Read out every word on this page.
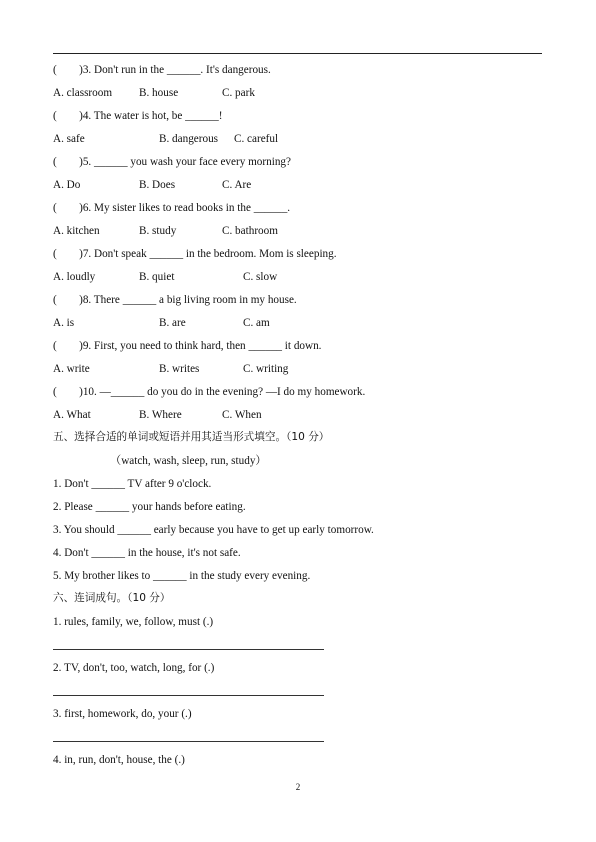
(        )3. Don't run in the ______. It's dangerous.
A. classroom B. house	C. park
(        )4. The water is hot, be ______!
A. safe	B. dangerous C. careful
(        )5. ______ you wash your face every morning?
A. Do	B. Does	C. Are
(        )6. My sister likes to read books in the ______.
A. kitchen	B. study	C. bathroom
(        )7. Don't speak ______ in the bedroom. Mom is sleeping.
A. loudly	B. quiet	C. slow
(        )8. There ______ a big living room in my house.
A. is	B. are	C. am
(        )9. First, you need to think hard, then ______ it down.
A. write	B. writes	C. writing
(        )10. —______ do you do in the evening? —I do my homework.
A. What	B. Where	C. When
五、选择合适的单词或短语并用其适当形式填空。（10 分）
（watch, wash, sleep, run, study）
1. Don't ______ TV after 9 o'clock.
2. Please ______ your hands before eating.
3. You should ______ early because you have to get up early tomorrow.
4. Don't ______ in the house, it's not safe.
5. My brother likes to ______ in the study every evening.
六、连词成句。（10 分）
1. rules, family, we, follow, must (.)
2. TV, don't, too, watch, long, for (.)
3. first, homework, do, your (.)
4. in, run, don't, house, the (.)
2
